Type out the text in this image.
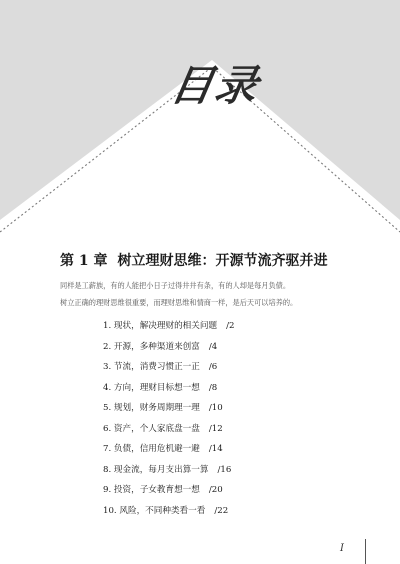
目录
第 1 章 树立理财思维：开源节流齐驱并进

同样是工薪族，有的人能把小日子过得井井有条，有的人却是每月负债。

树立正确的理财思维很重要，而理财思维和情商一样，是后天可以培养的。

1. 现状，解决理财的相关问题 /2
2. 开源，多种渠道来创富 /4
3. 节流，消费习惯正一正 /6
4. 方向，理财目标想一想 /8
5. 规划，财务周期理一理 /10
6. 资产，个人家底盘一盘 /12
7. 负债，信用危机避一避 /14
8. 现金流，每月支出算一算 /16
9. 投资，子女教育想一想 /20
10. 风险，不同种类看一看 /22
I
